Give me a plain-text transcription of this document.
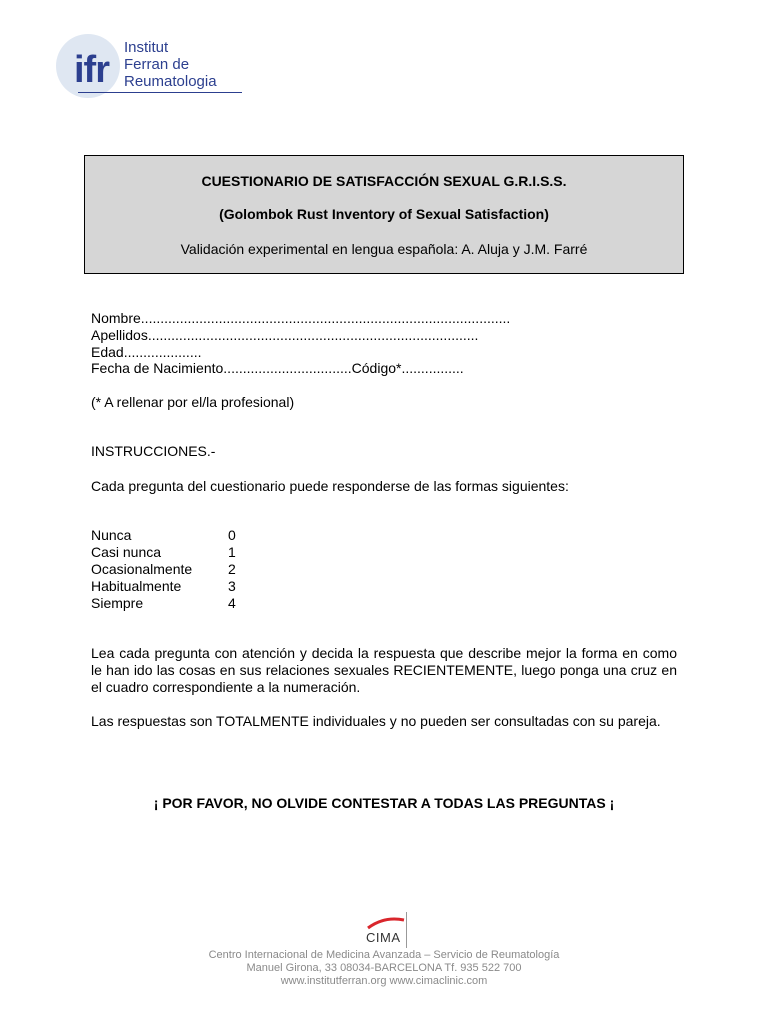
ifr
Institut
Ferran de
Reumatologia
CUESTIONARIO DE SATISFACCIÓN SEXUAL G.R.I.S.S.
(Golombok Rust Inventory of Sexual Satisfaction)
Validación experimental en lengua española: A. Aluja y J.M. Farré
Nombre...............................................................................................
Apellidos.....................................................................................
Edad....................
Fecha de Nacimiento.................................Código*................
(* A rellenar por el/la profesional)
INSTRUCCIONES.-
Cada pregunta del cuestionario puede responderse de las formas siguientes:
Nunca	0
Casi nunca	1
Ocasionalmente	2
Habitualmente	3
Siempre	4
Lea cada pregunta con atención y decida la respuesta que describe mejor la forma en como le han ido las cosas en sus relaciones sexuales RECIENTEMENTE, luego ponga una cruz en el cuadro correspondiente a la numeración.
Las respuestas son TOTALMENTE individuales y no pueden ser consultadas con su pareja.
¡ POR FAVOR, NO OLVIDE CONTESTAR A TODAS LAS PREGUNTAS ¡
CIMA
Centro Internacional de Medicina Avanzada – Servicio de Reumatología
Manuel Girona, 33 08034-BARCELONA Tf. 935 522 700
www.institutferran.org www.cimaclinic.com
